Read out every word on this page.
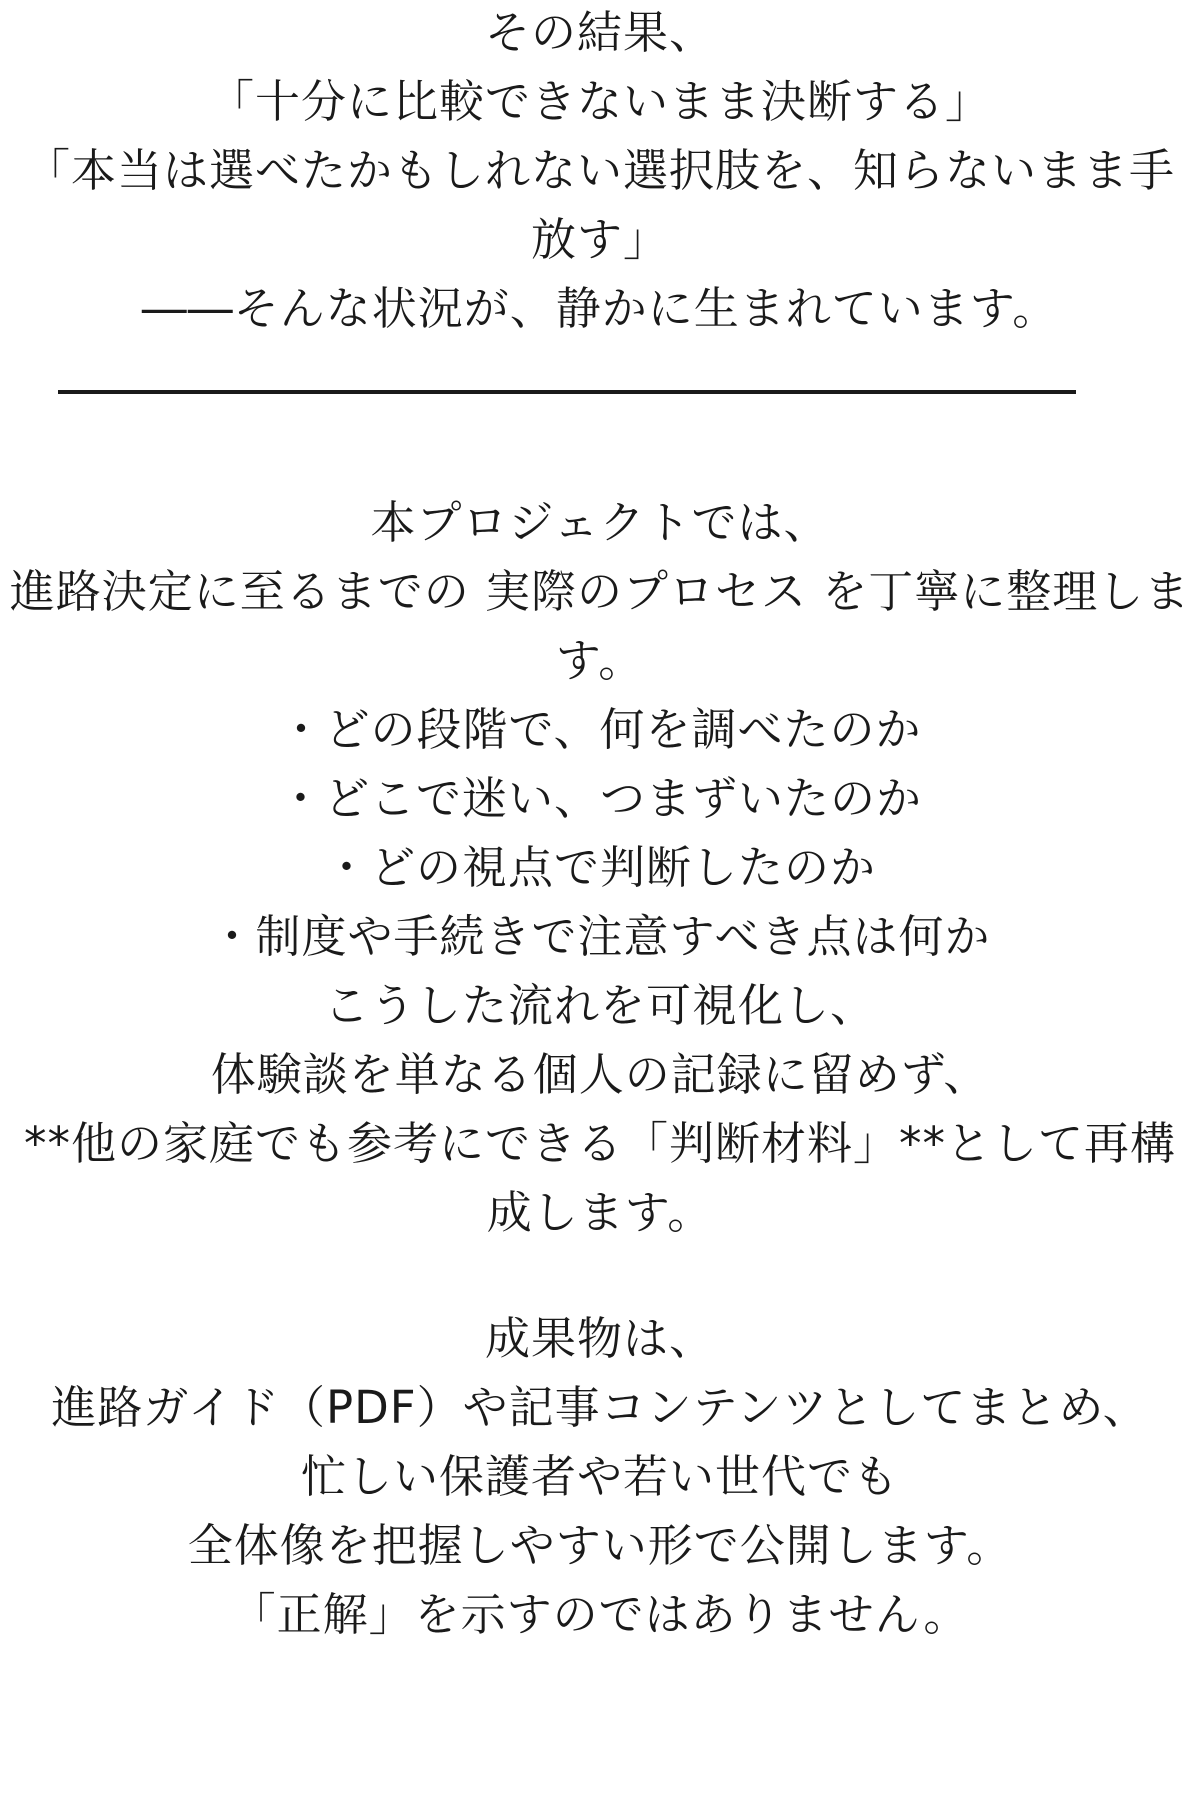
その結果、
「十分に比較できないまま決断する」
「本当は選べたかもしれない選択肢を、知らないまま手放す」
――そんな状況が、静かに生まれています。
本プロジェクトでは、
進路決定に至るまでの 実際のプロセス を丁寧に整理します。
・どの段階で、何を調べたのか
・どこで迷い、つまずいたのか
・どの視点で判断したのか
・制度や手続きで注意すべき点は何か
こうした流れを可視化し、
体験談を単なる個人の記録に留めず、
**他の家庭でも参考にできる「判断材料」**として再構成します。
成果物は、
進路ガイド（PDF）や記事コンテンツとしてまとめ、
忙しい保護者や若い世代でも
全体像を把握しやすい形で公開します。
「正解」を示すのではありません。
